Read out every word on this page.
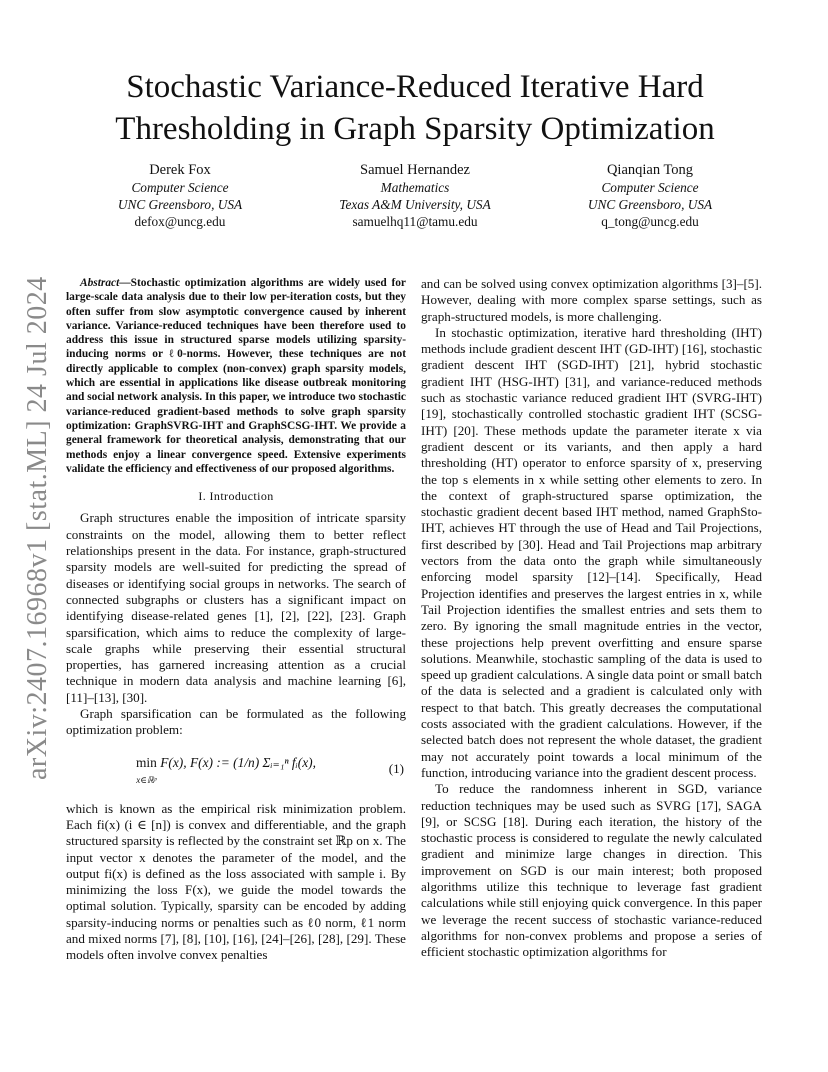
arXiv:2407.16968v1 [stat.ML] 24 Jul 2024
Stochastic Variance-Reduced Iterative Hard
Thresholding in Graph Sparsity Optimization
Derek Fox
Computer Science
UNC Greensboro, USA
defox@uncg.edu
Samuel Hernandez
Mathematics
Texas A&M University, USA
samuelhq11@tamu.edu
Qianqian Tong
Computer Science
UNC Greensboro, USA
q_tong@uncg.edu

Abstract—Stochastic optimization algorithms are widely used for large-scale data analysis due to their low per-iteration costs, but they often suffer from slow asymptotic convergence caused by inherent variance. Variance-reduced techniques have been therefore used to address this issue in structured sparse models utilizing sparsity-inducing norms or ℓ0-norms. However, these techniques are not directly applicable to complex (non-convex) graph sparsity models, which are essential in applications like disease outbreak monitoring and social network analysis. In this paper, we introduce two stochastic variance-reduced gradient-based methods to solve graph sparsity optimization: GraphSVRG-IHT and GraphSCSG-IHT. We provide a general framework for theoretical analysis, demonstrating that our methods enjoy a linear convergence speed. Extensive experiments validate the efficiency and effectiveness of our proposed algorithms.

I. Introduction

Graph structures enable the imposition of intricate sparsity constraints on the model, allowing them to better reflect relationships present in the data. For instance, graph-structured sparsity models are well-suited for predicting the spread of diseases or identifying social groups in networks. The search of connected subgraphs or clusters has a significant impact on identifying disease-related genes [1], [2], [22], [23]. Graph sparsification, which aims to reduce the complexity of large-scale graphs while preserving their essential structural properties, has garnered increasing attention as a crucial technique in modern data analysis and machine learning [6], [11]–[13], [30].

Graph sparsification can be formulated as the following optimization problem:

min
x∈ℝᵖ F(x), F(x) := (1/n) Σᵢ₌₁ⁿ fᵢ(x),	(1)

which is known as the empirical risk minimization problem. Each fi(x) (i ∈ [n]) is convex and differentiable, and the graph structured sparsity is reflected by the constraint set ℝp on x. The input vector x denotes the parameter of the model, and the output fi(x) is defined as the loss associated with sample i. By minimizing the loss F(x), we guide the model towards the optimal solution. Typically, sparsity can be encoded by adding sparsity-inducing norms or penalties such as ℓ0 norm, ℓ1 norm and mixed norms [7], [8], [10], [16], [24]–[26], [28], [29]. These models often involve convex penalties

and can be solved using convex optimization algorithms [3]–[5]. However, dealing with more complex sparse settings, such as graph-structured models, is more challenging.

In stochastic optimization, iterative hard thresholding (IHT) methods include gradient descent IHT (GD-IHT) [16], stochastic gradient descent IHT (SGD-IHT) [21], hybrid stochastic gradient IHT (HSG-IHT) [31], and variance-reduced methods such as stochastic variance reduced gradient IHT (SVRG-IHT) [19], stochastically controlled stochastic gradient IHT (SCSG-IHT) [20]. These methods update the parameter iterate x via gradient descent or its variants, and then apply a hard thresholding (HT) operator to enforce sparsity of x, preserving the top s elements in x while setting other elements to zero. In the context of graph-structured sparse optimization, the stochastic gradient decent based IHT method, named GraphSto-IHT, achieves HT through the use of Head and Tail Projections, first described by [30]. Head and Tail Projections map arbitrary vectors from the data onto the graph while simultaneously enforcing model sparsity [12]–[14]. Specifically, Head Projection identifies and preserves the largest entries in x, while Tail Projection identifies the smallest entries and sets them to zero. By ignoring the small magnitude entries in the vector, these projections help prevent overfitting and ensure sparse solutions. Meanwhile, stochastic sampling of the data is used to speed up gradient calculations. A single data point or small batch of the data is selected and a gradient is calculated only with respect to that batch. This greatly decreases the computational costs associated with the gradient calculations. However, if the selected batch does not represent the whole dataset, the gradient may not accurately point towards a local minimum of the function, introducing variance into the gradient descent process.

To reduce the randomness inherent in SGD, variance reduction techniques may be used such as SVRG [17], SAGA [9], or SCSG [18]. During each iteration, the history of the stochastic process is considered to regulate the newly calculated gradient and minimize large changes in direction. This improvement on SGD is our main interest; both proposed algorithms utilize this technique to leverage fast gradient calculations while still enjoying quick convergence. In this paper we leverage the recent success of stochastic variance-reduced algorithms for non-convex problems and propose a series of efficient stochastic optimization algorithms for
